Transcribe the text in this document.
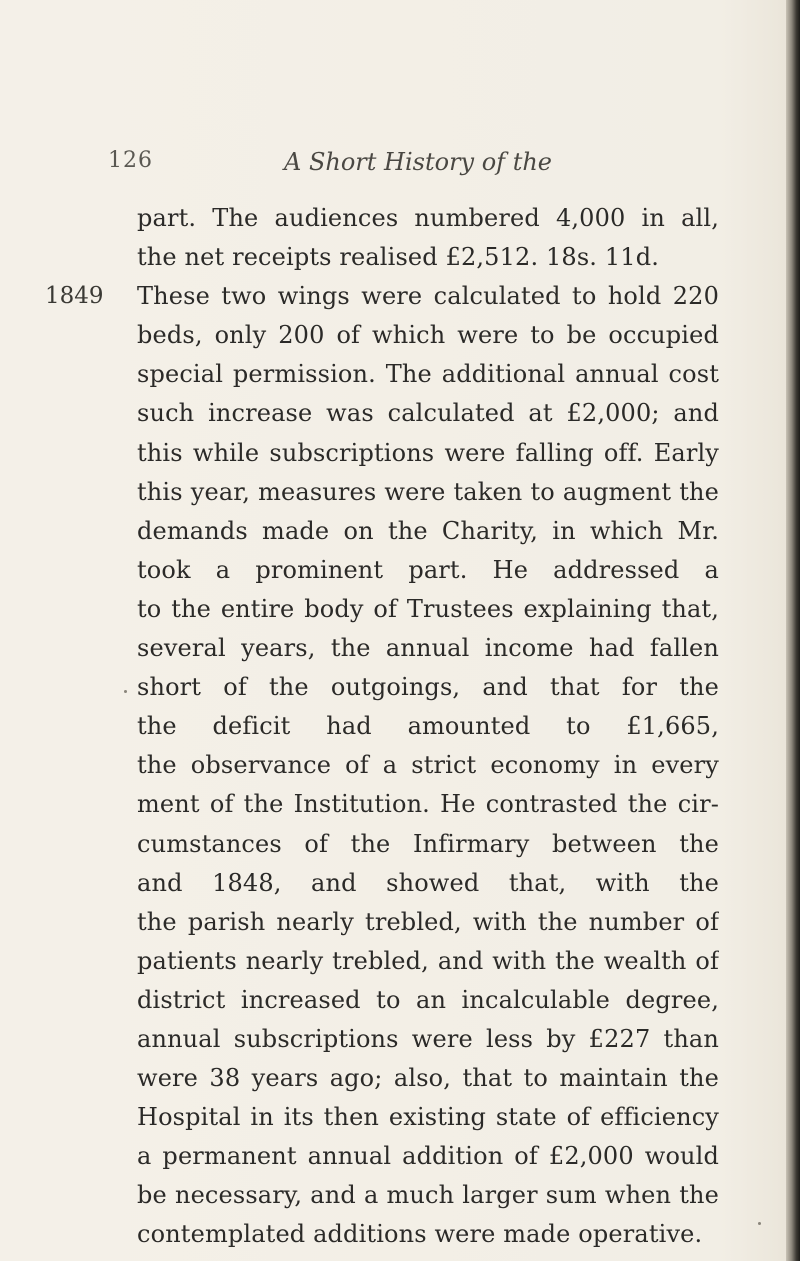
126	A Short History of the
part. The audiences numbered 4,000 in all,
the net receipts realised £2,512. 18s. 11d.
1849 These two wings were calculated to hold 220
beds, only 200 of which were to be occupied
special permission. The additional annual cost
such increase was calculated at £2,000; and
this while subscriptions were falling off. Early
this year, measures were taken to augment the
demands made on the Charity, in which Mr.
took a prominent part. He addressed a
to the entire body of Trustees explaining that,
several years, the annual income had fallen
short of the outgoings, and that for the
the deficit had amounted to £1,665,
the observance of a strict economy in every
ment of the Institution. He contrasted the cir-
cumstances of the Infirmary between the
and 1848, and showed that, with the
the parish nearly trebled, with the number of
patients nearly trebled, and with the wealth of
district increased to an incalculable degree,
annual subscriptions were less by £227 than
were 38 years ago; also, that to maintain the
Hospital in its then existing state of efficiency
a permanent annual addition of £2,000 would
be necessary, and a much larger sum when the
contemplated additions were made operative.
